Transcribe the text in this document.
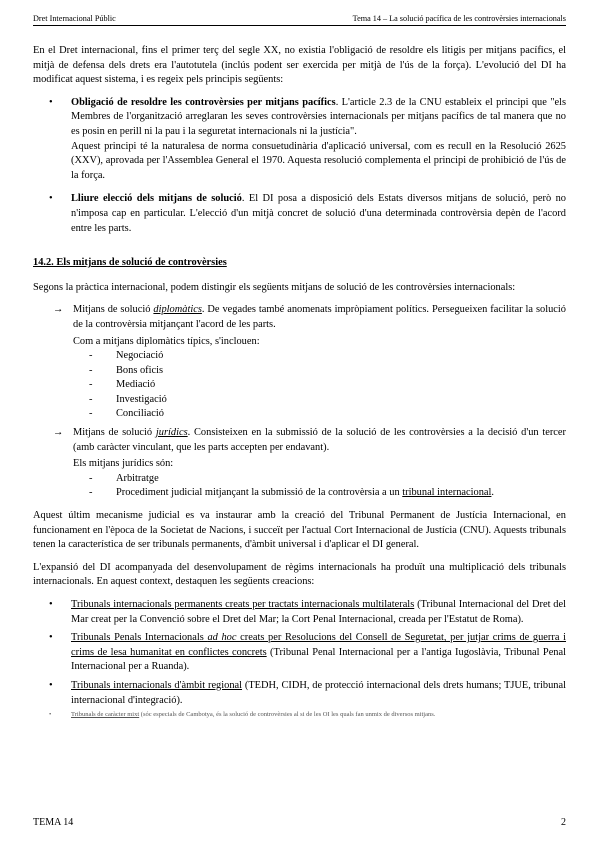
Dret Internacional Públic	Tema 14 – La solució pacífica de les controvèrsies internacionals

En el Dret internacional, fins el primer terç del segle XX, no existia l'obligació de resoldre els litigis per mitjans pacífics, el mitjà de defensa dels drets era l'autotutela (inclús podent ser exercida per mitjà de l'ús de la força). L'evolució del DI ha modificat aquest sistema, i es regeix pels principis següents:

• Obligació de resoldre les controvèrsies per mitjans pacífics. L'article 2.3 de la CNU estableix el principi que "els Membres de l'organització arreglaran les seves controvèrsies internacionals per mitjans pacífics de tal manera que no es posin en perill ni la pau i la seguretat internacionals ni la justícia".
Aquest principi té la naturalesa de norma consuetudinària d'aplicació universal, com es recull en la Resolució 2625 (XXV), aprovada per l'Assemblea General el 1970. Aquesta resolució complementa el principi de prohibició de l'ús de la força.
• Lliure elecció dels mitjans de solució. El DI posa a disposició dels Estats diversos mitjans de solució, però no n'imposa cap en particular. L'elecció d'un mitjà concret de solució d'una determinada controvèrsia depèn de l'acord entre les parts.
14.2. Els mitjans de solució de controvèrsies

Segons la pràctica internacional, podem distingir els següents mitjans de solució de les controvèrsies internacionals:

→ Mitjans de solució diplomàtics. De vegades també anomenats impròpiament polítics. Persegueixen facilitar la solució de la controvèrsia mitjançant l'acord de les parts.
Com a mitjans diplomàtics típics, s'inclouen:
- Negociació
- Bons oficis
- Mediació
- Investigació
- Conciliació
→ Mitjans de solució jurídics. Consisteixen en la submissió de la solució de les controvèrsies a la decisió d'un tercer (amb caràcter vinculant, que les parts accepten per endavant).
Els mitjans jurídics són:
- Arbitratge
- Procediment judicial mitjançant la submissió de la controvèrsia a un tribunal internacional.

Aquest últim mecanisme judicial es va instaurar amb la creació del Tribunal Permanent de Justícia Internacional, en funcionament en l'època de la Societat de Nacions, i succeït per l'actual Cort Internacional de Justícia (CNU). Aquests tribunals tenen la característica de ser tribunals permanents, d'àmbit universal i d'aplicar el DI general.

L'expansió del DI acompanyada del desenvolupament de règims internacionals ha produït una multiplicació dels tribunals internacionals. En aquest context, destaquen les següents creacions:

• Tribunals internacionals permanents creats per tractats internacionals multilaterals (Tribunal Internacional del Dret del Mar creat per la Convenció sobre el Dret del Mar; la Cort Penal Internacional, creada per l'Estatut de Roma).
• Tribunals Penals Internacionals ad hoc creats per Resolucions del Consell de Seguretat, per jutjar crims de guerra i crims de lesa humanitat en conflictes concrets (Tribunal Penal Internacional per a l'antiga Iugoslàvia, Tribunal Penal Internacional per a Ruanda).
• Tribunals internacionals d'àmbit regional (TEDH, CIDH, de protecció internacional dels drets humans; TJUE, tribunal internacional d'integració).
•	Tribunals de caràcter mixt (sóc especials de Cambotya, és la solució de controvèrsies al si de les OI les quals fan unmix de diversos mitjans.
TEMA 14	2
